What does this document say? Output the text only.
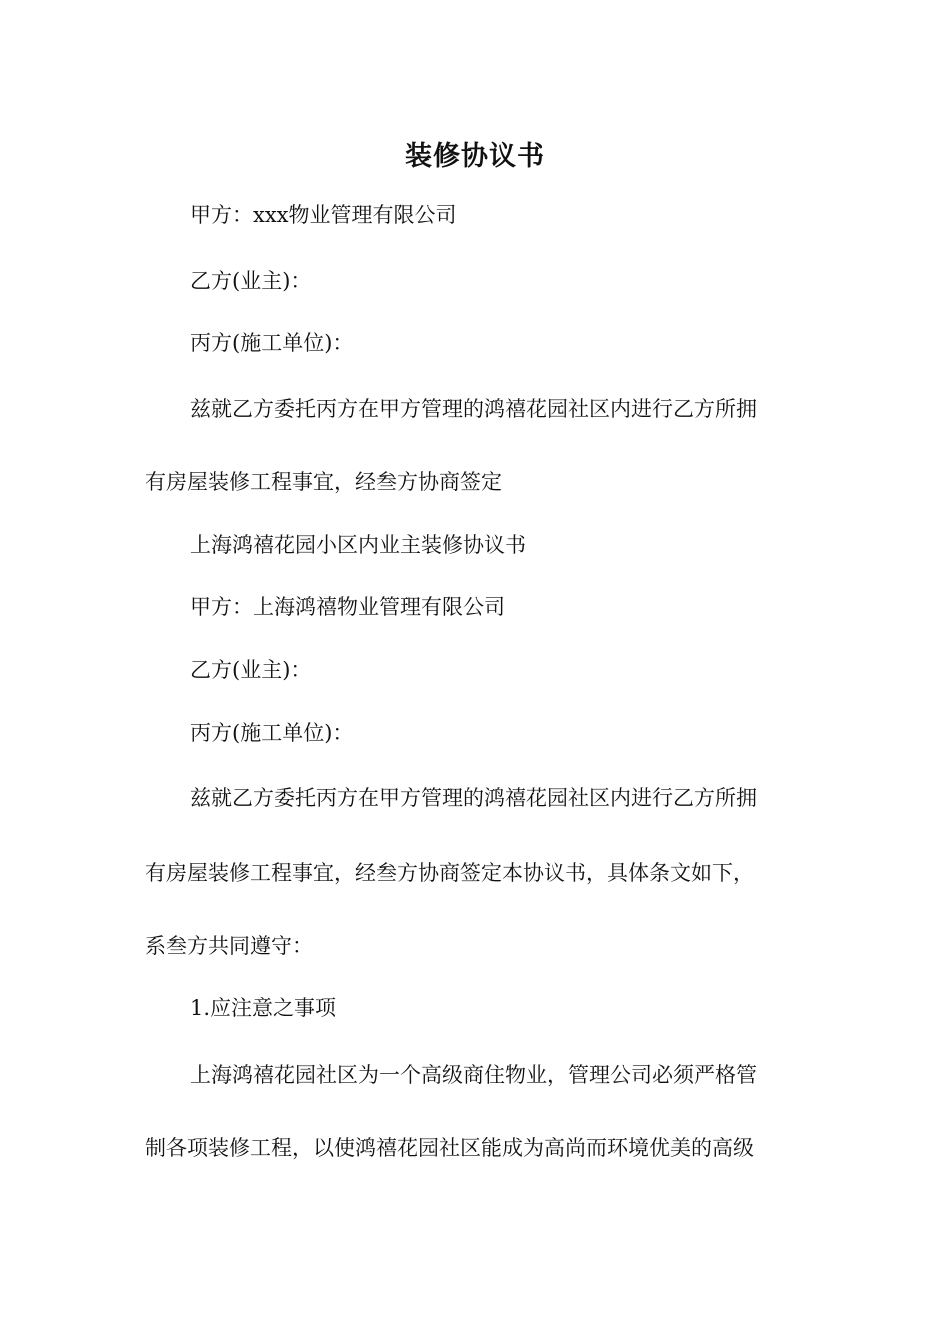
装修协议书

甲方：xxx物业管理有限公司

乙方(业主)：

丙方(施工单位)：

兹就乙方委托丙方在甲方管理的鸿禧花园社区内进行乙方所拥

有房屋装修工程事宜，经叁方协商签定

上海鸿禧花园小区内业主装修协议书

甲方：上海鸿禧物业管理有限公司

乙方(业主)：

丙方(施工单位)：

兹就乙方委托丙方在甲方管理的鸿禧花园社区内进行乙方所拥

有房屋装修工程事宜，经叁方协商签定本协议书，具体条文如下，

系叁方共同遵守：

1.应注意之事项

上海鸿禧花园社区为一个高级商住物业，管理公司必须严格管

制各项装修工程，以使鸿禧花园社区能成为高尚而环境优美的高级
